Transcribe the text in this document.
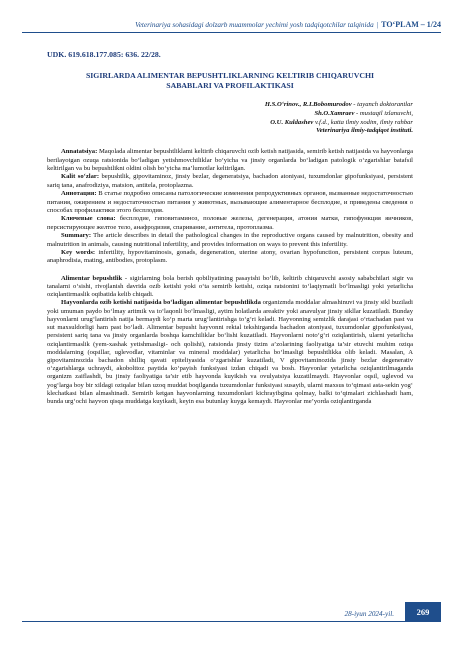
Veterinariya sohasidagi dolzarb muammolar yechimi yosh tadqiqotchilar talqinida | TO‘PLAM – 1/24
UDK. 619.618.177.085: 636. 22/28.
SIGIRLARDA ALIMENTAR BEPUSHTLIKLARNING KELTIRIB CHIQARUVCHI
SABABLARI VA PROFILAKTIKASI
H.S.O‘rinov., R.I.Bobomurodov - tayanch doktorantlar
Sh.O.Xamraev - mustaqil izlanuvchi,
O.U. Kuldashev v.f.d., katta ilmiy xodim, ilmiy rahbar
Veterinariya ilmiy-tadqiqot instituti.

Annatatsiya: Maqolada alimentar bepushtliklami keltirib chiqaruvchi ozib ketish natijasida, semirib ketish natijasida va hayvonlarga berilayotgan ozuqa ratsionida bo‘ladigan yetishmovchiliklar bo‘yicha va jinsiy organlarda bo‘ladigan patologik o‘zgarishlar batafsil keltirilgan va bu bepushtlikni oldini olish bo‘yicha ma’lumotlar keltirilgan.

Kalit so‘zlar: bepushtlik, gipovitaminoz, jinsiy bezlar, degeneratsiya, bachadon atoniyasi, tuxumdonlar gipofunksiyasi, persistent sariq tana, anafrodiziya, matsion, antitela, protoplazma.

Аннотация: В статье подробно описаны патологические изменения репродуктивных органов, вызванные недостаточностью питания, ожирением и недостаточностью питания у животных, вызывающие алиментарное бесплодие, и приведены сведения о способах профилактики этого бесплодия.

Ключевые слова: бесплодие, гиповитаминоз, половые железы, дегенерация, атония матки, гипофункция яичников, персистирующее желтое тело, анафродизия, спаривание, антитела, протоплазма.

Summary: The article describes in detail the pathological changes in the reproductive organs caused by malnutrition, obesity and malnutrition in animals, causing nutritional infertility, and provides information on ways to prevent this infertility.

Key words: infertility, hypovitaminosis, gonads, degeneration, uterine atony, ovarian hypofunction, persistent corpus luteum, anaphrodisia, mating, antibodies, protoplasm.

Alimentar bepushtlik - sigirlarning bola berish qobiliyatining pasayishi bo‘lib, keltirib chiqaruvchi asosiy sababchilari sigir va tanalarni o‘sishi, rivojlanish davrida ozib ketishi yoki o‘ta semirib ketishi, oziqa ratsionini to‘laqiymatli bo‘lmasligi yoki yetarlicha oziqlantirmaslik oqibatida kelib chiqadi.

Hayvonlarda ozib ketishi natijasida bo‘ladigan alimentar bepushtlikda organizmda moddalar almashinuvi va jinsiy sikl buziladi yoki umuman paydo bo‘lmay aritmik va to‘laqonli bo‘lmasligi, aytim holatlarda areaktiv yoki anavulyar jinsiy sikllar kuzatiladi. Bunday hayvonlarni urug‘lantirish natija bermaydi ko‘p marta urug‘lantirishga to‘g‘ri keladi. Hayvonning semizlik darajasi o‘rtachadan past va sut maxsuldorligi ham past bo‘ladi. Alimentar bepusht hayvonni rektal tekshirganda bachadon atoniyasi, tuxumdonlar gipofunksiyasi, persistent sariq tana va jinsiy organlarda boshqa kamchiliklar bo‘lishi kuzatiladi. Hayvonlarni noto‘g‘ri oziqlantirish, ularni yetarlicha oziqlantirmaslik (yem-xashak yetishmasligi- och qolishi), ratsionda jinsiy tizim a’zolarining faoliyatiga ta’sir etuvchi muhim oziqa moddalarning (oqsillar, uglevodlar, vitaminlar va mineral moddalar) yetarlicha bo‘lmasligi bepushtlikka olib keladi. Masalan, A gipovitaminozida bachadon shilliq qavati epiteliyasida o‘zgarishlar kuzatiladi, V gipovitaminozida jinsiy bezlar degenerativ o‘zgarishlarga uchraydi, akobolttoz paytida ko‘payish funksiyasi izdan chiqadi va bosh. Hayvonlar yetarlicha oziqlantirilmaganda organizm zaiflashdi, bu jinsiy faoliyatiga ta’sir etib hayvonda kuyikish va ovulyatsiya kuzatilmaydi. Hayvonlar oqsil, uglevod va yog‘larga boy bir xildagi oziqalar bilan uzoq muddat boqilganda tuxumdonlar funksiyasi susayib, ularni maxsus to‘qimasi asta-sekin yog‘ klechatkasi bilan almashinadi. Semirib ketgan hayvonlarning tuxumdonlari kichrayibgina qolmay, balki to‘qimalari zichlashadi ham, bunda urg‘ochi hayvon qisqa muddatga kuyikadi, keyin esa butunlay kuyga kemaydi. Hayvonlar me’yorda oziqlantirganda

28-iyun 2024-yil.	269
